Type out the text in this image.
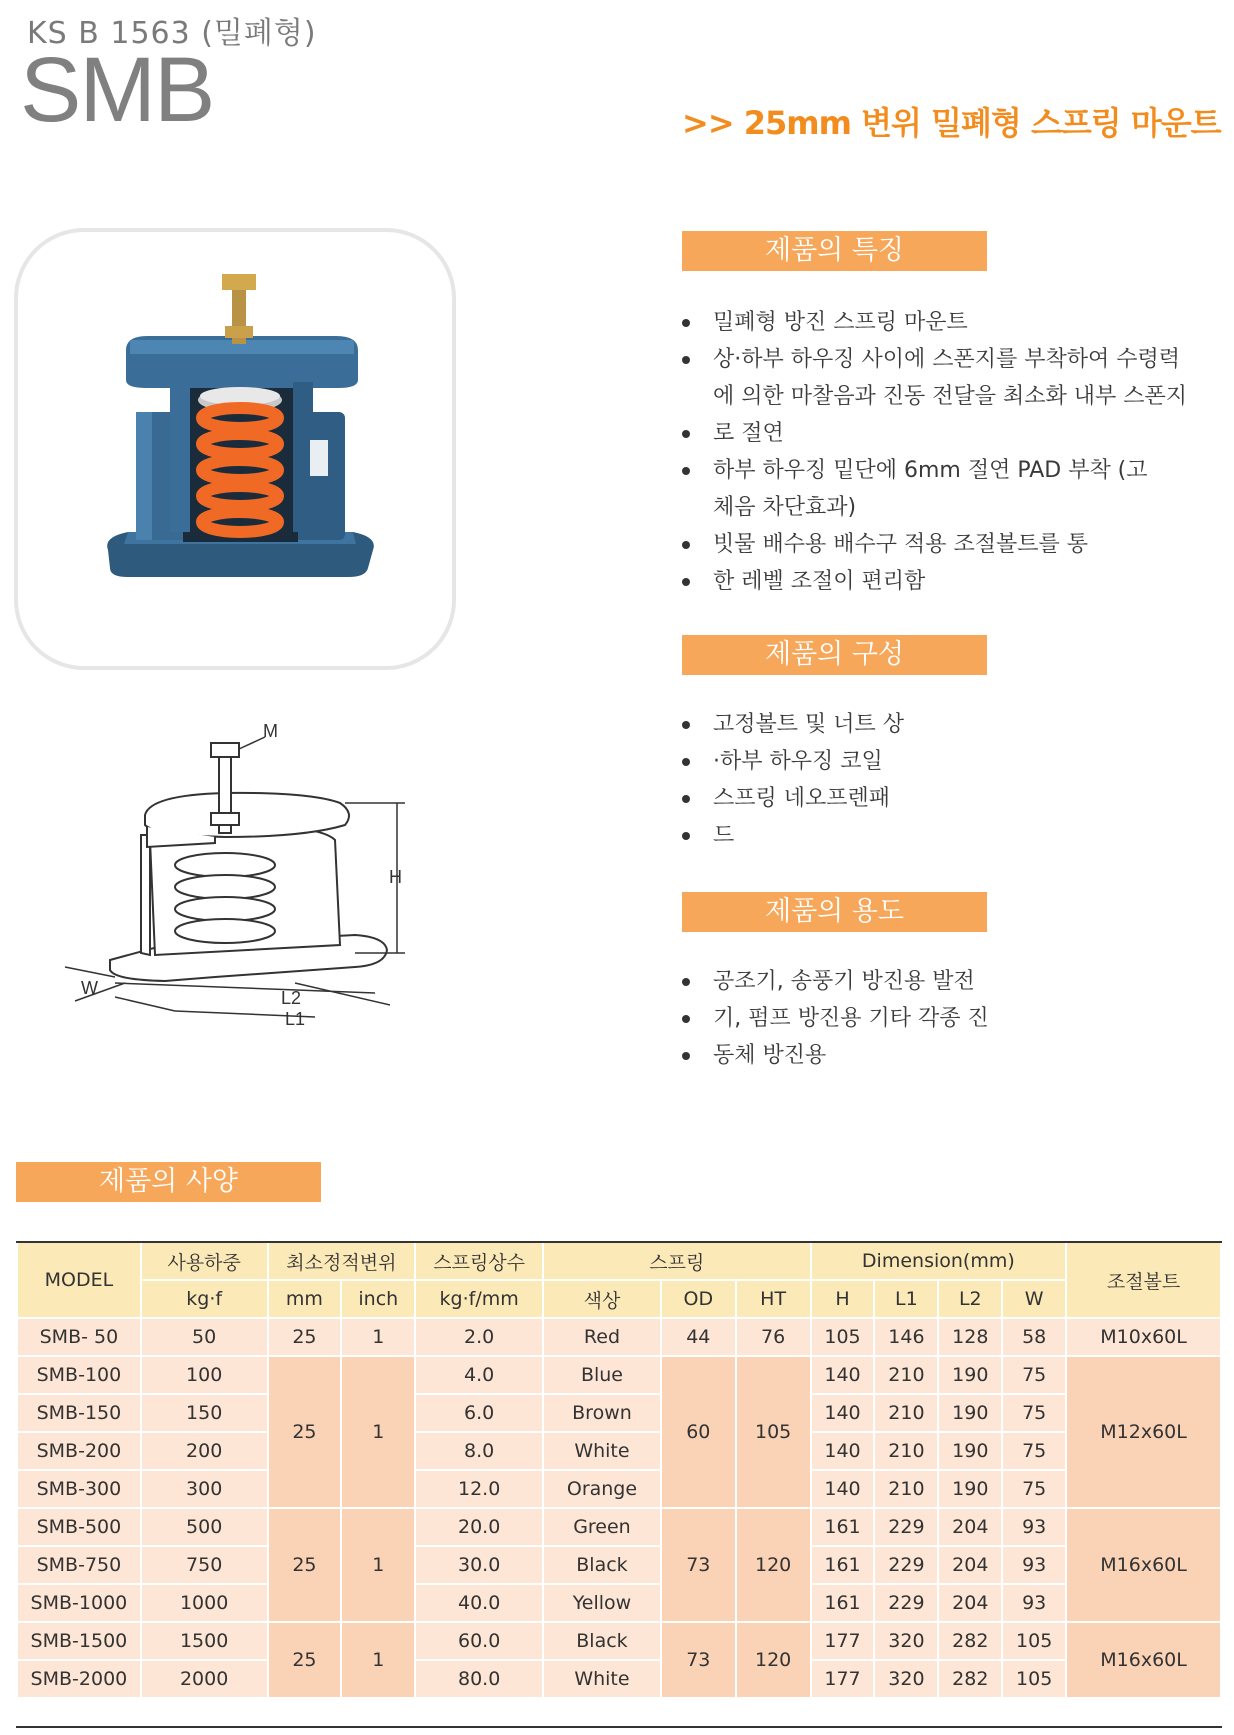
KS B 1563 (밀폐형)
SMB	>> 25mm 변위 밀폐형 스프링 마운트
M
H
W	L2
L1
제품의 특징
밀폐형 방진 스프링 마운트
상·하부 하우징 사이에 스폰지를 부착하여 수령력
에 의한 마찰음과 진동 전달을 최소화 내부 스폰지
로 절연
하부 하우징 밑단에 6mm 절연 PAD 부착 (고
체음 차단효과)
빗물 배수용 배수구 적용 조절볼트를 통
한 레벨 조절이 편리함
제품의 구성
고정볼트 및 너트 상
·하부 하우징 코일
스프링 네오프렌패
드
제품의 용도
공조기, 송풍기 방진용 발전
기, 펌프 방진용 기타 각종 진
동체 방진용
제품의 사양
MODEL	사용하중	최소정적변위		스프링상수	스프링			Dimension(mm)				조절볼트
	kg·f	mm	inch	kg·f/mm	색상	OD	HT	H	L1	L2	W	
SMB- 50	50	25	1	2.0	Red	44	76	105	146	128	58	M10x60L
SMB-100	100	25	1	4.0	Blue	60	105	140	210	190	75	M12x60L
SMB-150	150			6.0	Brown			140	210	190	75	
SMB-200	200			8.0	White			140	210	190	75	
SMB-300	300			12.0	Orange			140	210	190	75	
SMB-500	500	25	1	20.0	Green	73	120	161	229	204	93	M16x60L
SMB-750	750			30.0	Black			161	229	204	93	
SMB-1000	1000			40.0	Yellow			161	229	204	93	
SMB-1500	1500	25	1	60.0	Black	73	120	177	320	282	105	M16x60L
SMB-2000	2000			80.0	White			177	320	282	105	
